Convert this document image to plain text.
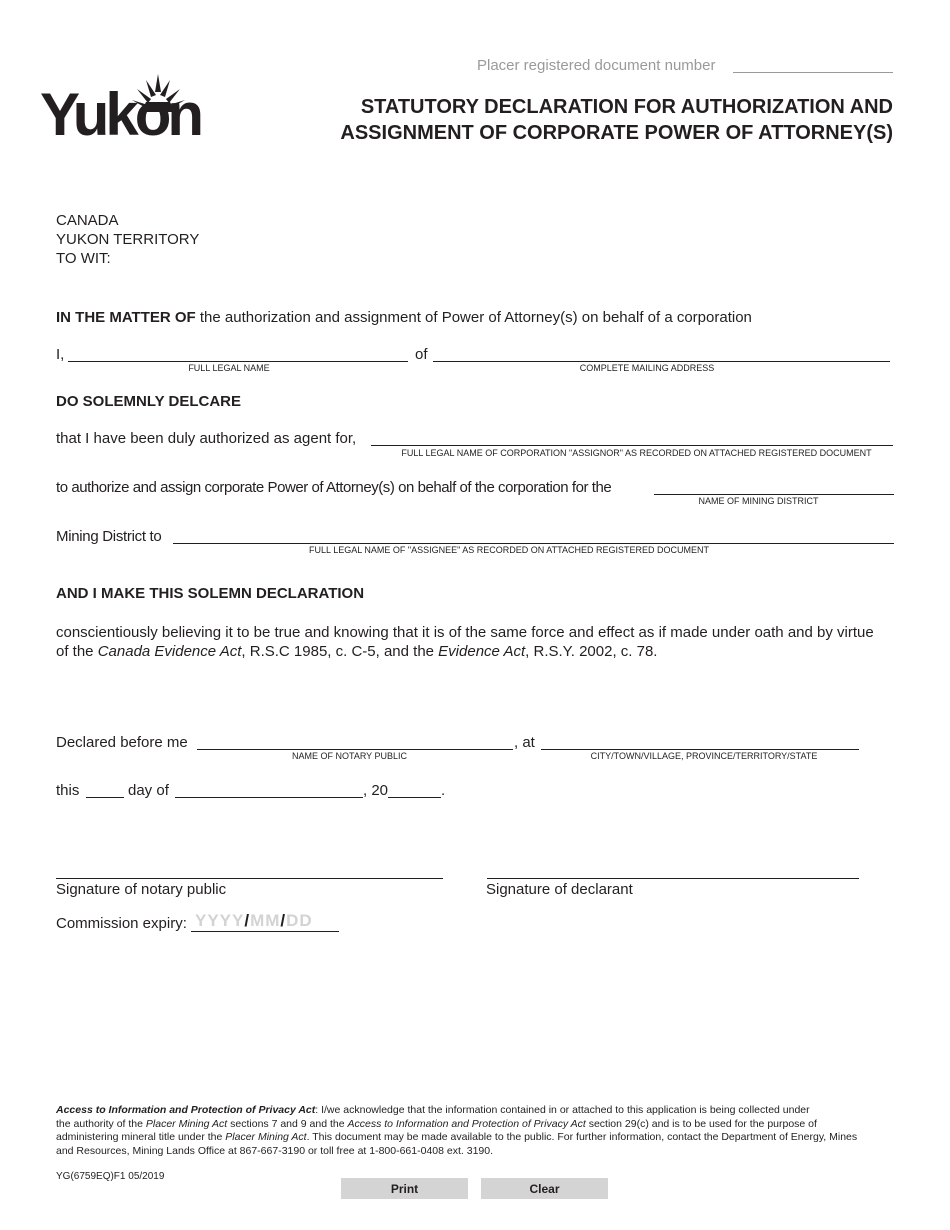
Placer registered document number
Yukon	STATUTORY DECLARATION FOR AUTHORIZATION AND
ASSIGNMENT OF CORPORATE POWER OF ATTORNEY(S)
CANADA
YUKON TERRITORY
TO WIT:
IN THE MATTER OF the authorization and assignment of Power of Attorney(s) on behalf of a corporation
I,
FULL LEGAL NAME
of
COMPLETE MAILING ADDRESS
DO SOLEMNLY DELCARE
that I have been duly authorized as agent for,
FULL LEGAL NAME OF CORPORATION "ASSIGNOR" AS RECORDED ON ATTACHED REGISTERED DOCUMENT
to authorize and assign corporate Power of Attorney(s) on behalf of the corporation for the
NAME OF MINING DISTRICT
Mining District to
FULL LEGAL NAME OF "ASSIGNEE" AS RECORDED ON ATTACHED REGISTERED DOCUMENT
AND I MAKE THIS SOLEMN DECLARATION
conscientiously believing it to be true and knowing that it is of the same force and effect as if made under oath and by virtue
of the Canada Evidence Act, R.S.C 1985, c. C-5, and the Evidence Act, R.S.Y. 2002, c. 78.
Declared before me
NAME OF NOTARY PUBLIC
, at
CITY/TOWN/VILLAGE, PROVINCE/TERRITORY/STATE
this	day of	, 20	.
Signature of notary public	Signature of declarant
Commission expiry: YYYY/MM/DD
Access to Information and Protection of Privacy Act: I/we acknowledge that the information contained in or attached to this application is being collected under
the authority of the Placer Mining Act sections 7 and 9 and the Access to Information and Protection of Privacy Act section 29(c) and is to be used for the purpose of
administering mineral title under the Placer Mining Act. This document may be made available to the public. For further information, contact the Department of Energy, Mines
and Resources, Mining Lands Office at 867-667-3190 or toll free at 1-800-661-0408 ext. 3190.
YG(6759EQ)F1 05/2019
Print	Clear
